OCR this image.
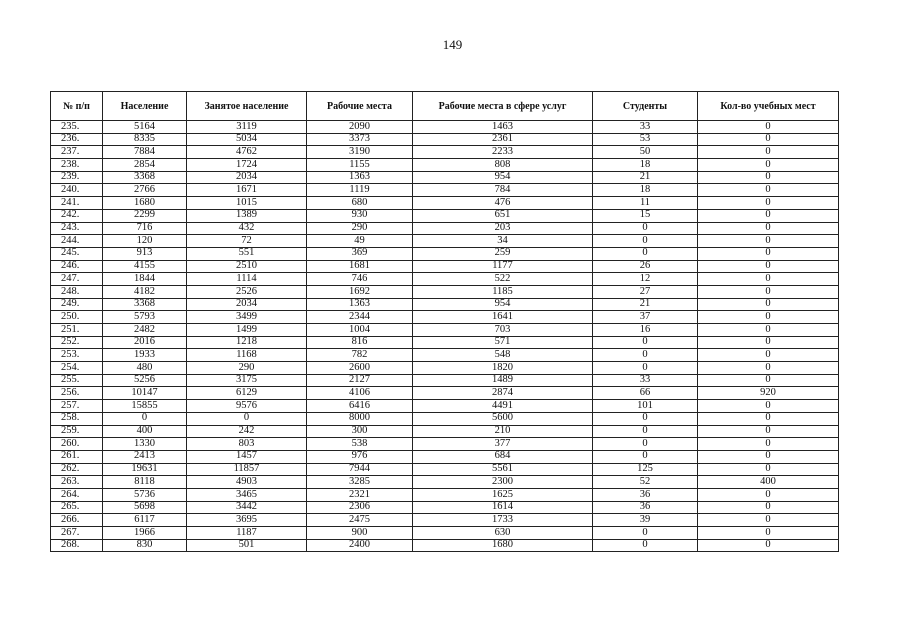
149
№ п/п	Население	Занятое население	Рабочие места	Рабочие места в сфере услуг	Студенты	Кол-во учебных мест
235.	5164	3119	2090	1463	33	0
236.	8335	5034	3373	2361	53	0
237.	7884	4762	3190	2233	50	0
238.	2854	1724	1155	808	18	0
239.	3368	2034	1363	954	21	0
240.	2766	1671	1119	784	18	0
241.	1680	1015	680	476	11	0
242.	2299	1389	930	651	15	0
243.	716	432	290	203	0	0
244.	120	72	49	34	0	0
245.	913	551	369	259	0	0
246.	4155	2510	1681	1177	26	0
247.	1844	1114	746	522	12	0
248.	4182	2526	1692	1185	27	0
249.	3368	2034	1363	954	21	0
250.	5793	3499	2344	1641	37	0
251.	2482	1499	1004	703	16	0
252.	2016	1218	816	571	0	0
253.	1933	1168	782	548	0	0
254.	480	290	2600	1820	0	0
255.	5256	3175	2127	1489	33	0
256.	10147	6129	4106	2874	66	920
257.	15855	9576	6416	4491	101	0
258.	0	0	8000	5600	0	0
259.	400	242	300	210	0	0
260.	1330	803	538	377	0	0
261.	2413	1457	976	684	0	0
262.	19631	11857	7944	5561	125	0
263.	8118	4903	3285	2300	52	400
264.	5736	3465	2321	1625	36	0
265.	5698	3442	2306	1614	36	0
266.	6117	3695	2475	1733	39	0
267.	1966	1187	900	630	0	0
268.	830	501	2400	1680	0	0
